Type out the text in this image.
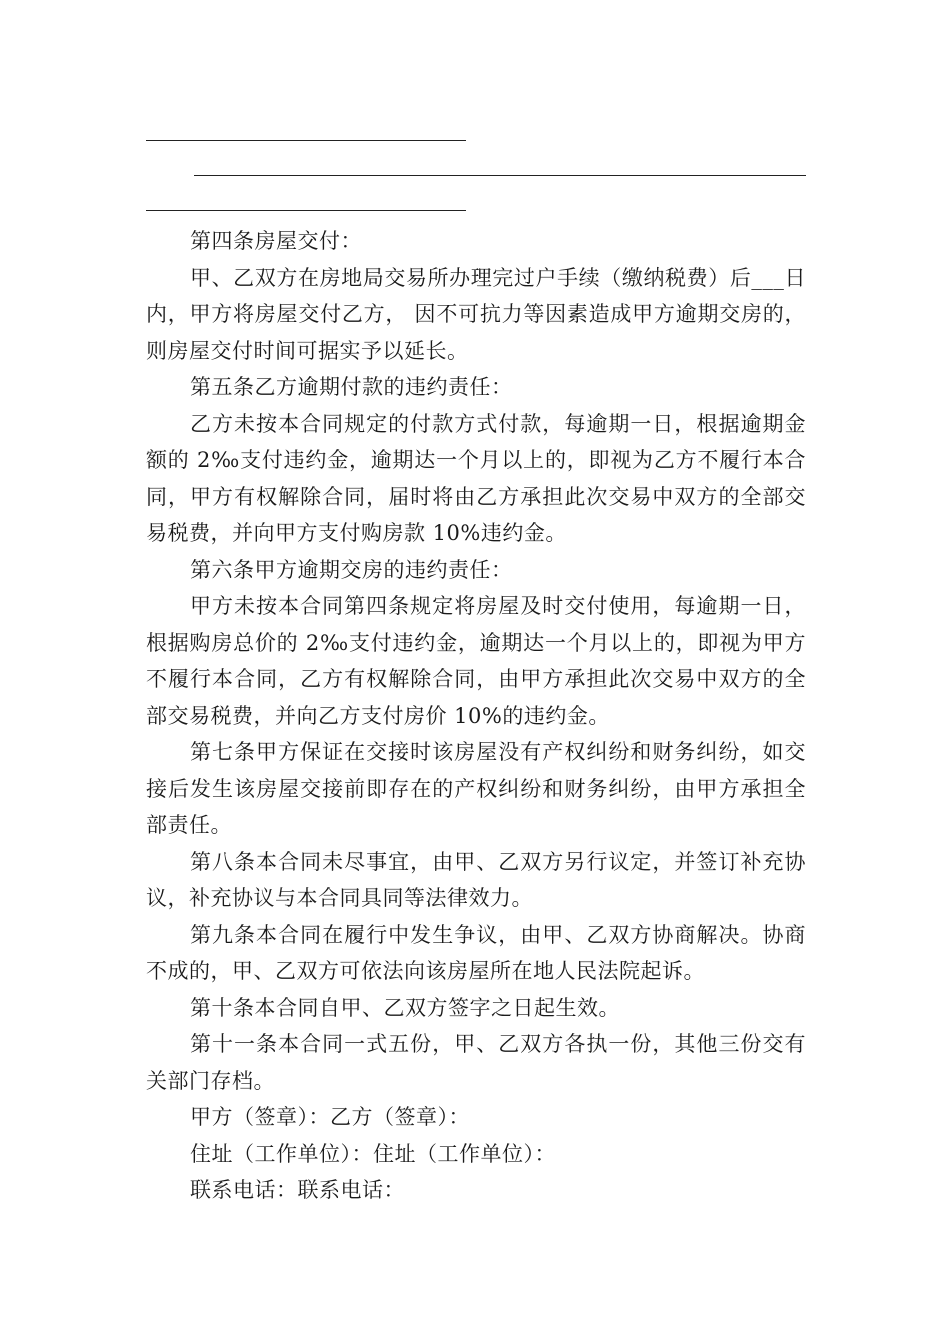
第四条房屋交付：

甲、乙双方在房地局交易所办理完过户手续（缴纳税费）后___日内，甲方将房屋交付乙方， 因不可抗力等因素造成甲方逾期交房的，则房屋交付时间可据实予以延长。

第五条乙方逾期付款的违约责任：

乙方未按本合同规定的付款方式付款，每逾期一日，根据逾期金额的 2‰支付违约金，逾期达一个月以上的，即视为乙方不履行本合同，甲方有权解除合同，届时将由乙方承担此次交易中双方的全部交易税费，并向甲方支付购房款 10%违约金。

第六条甲方逾期交房的违约责任：

甲方未按本合同第四条规定将房屋及时交付使用，每逾期一日，根据购房总价的 2‰支付违约金，逾期达一个月以上的，即视为甲方不履行本合同，乙方有权解除合同，由甲方承担此次交易中双方的全部交易税费，并向乙方支付房价 10%的违约金。

第七条甲方保证在交接时该房屋没有产权纠纷和财务纠纷，如交接后发生该房屋交接前即存在的产权纠纷和财务纠纷，由甲方承担全部责任。

第八条本合同未尽事宜，由甲、乙双方另行议定，并签订补充协议，补充协议与本合同具同等法律效力。

第九条本合同在履行中发生争议，由甲、乙双方协商解决。协商不成的，甲、乙双方可依法向该房屋所在地人民法院起诉。

第十条本合同自甲、乙双方签字之日起生效。

第十一条本合同一式五份，甲、乙双方各执一份，其他三份交有关部门存档。

甲方（签章）：乙方（签章）：

住址（工作单位）：住址（工作单位）：

联系电话：联系电话：
